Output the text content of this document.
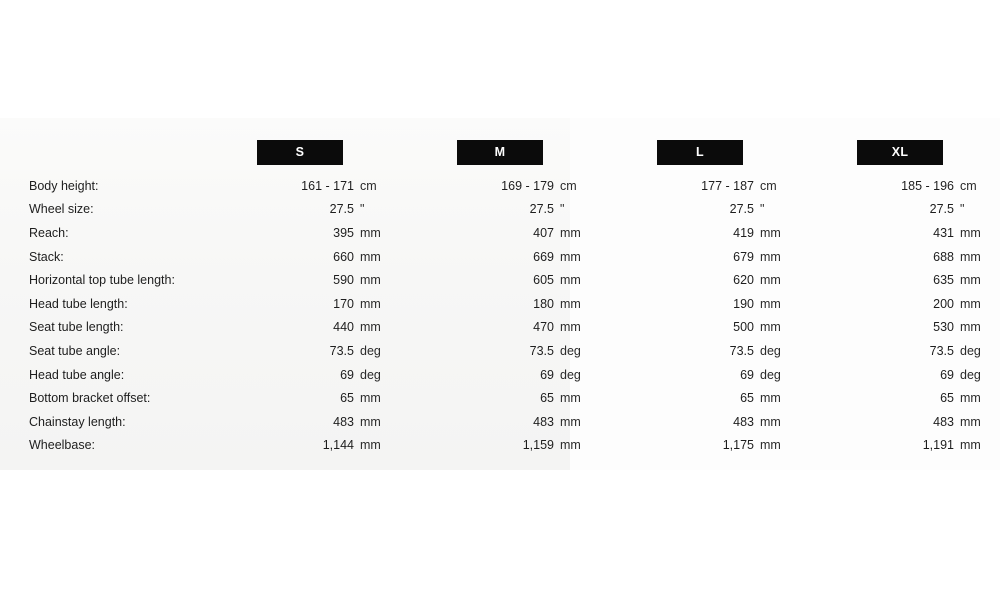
	S		M		L		XL	

Body height:	161 - 171	cm	169 - 179	cm	177 - 187	cm	185 - 196	cm
Wheel size:	27.5	"	27.5	"	27.5	"	27.5	"
Reach:	395	mm	407	mm	419	mm	431	mm
Stack:	660	mm	669	mm	679	mm	688	mm
Horizontal top tube length:	590	mm	605	mm	620	mm	635	mm
Head tube length:	170	mm	180	mm	190	mm	200	mm
Seat tube length:	440	mm	470	mm	500	mm	530	mm
Seat tube angle:	73.5	deg	73.5	deg	73.5	deg	73.5	deg
Head tube angle:	69	deg	69	deg	69	deg	69	deg
Bottom bracket offset:	65	mm	65	mm	65	mm	65	mm
Chainstay length:	483	mm	483	mm	483	mm	483	mm
Wheelbase:	1,144	mm	1,159	mm	1,175	mm	1,191	mm
